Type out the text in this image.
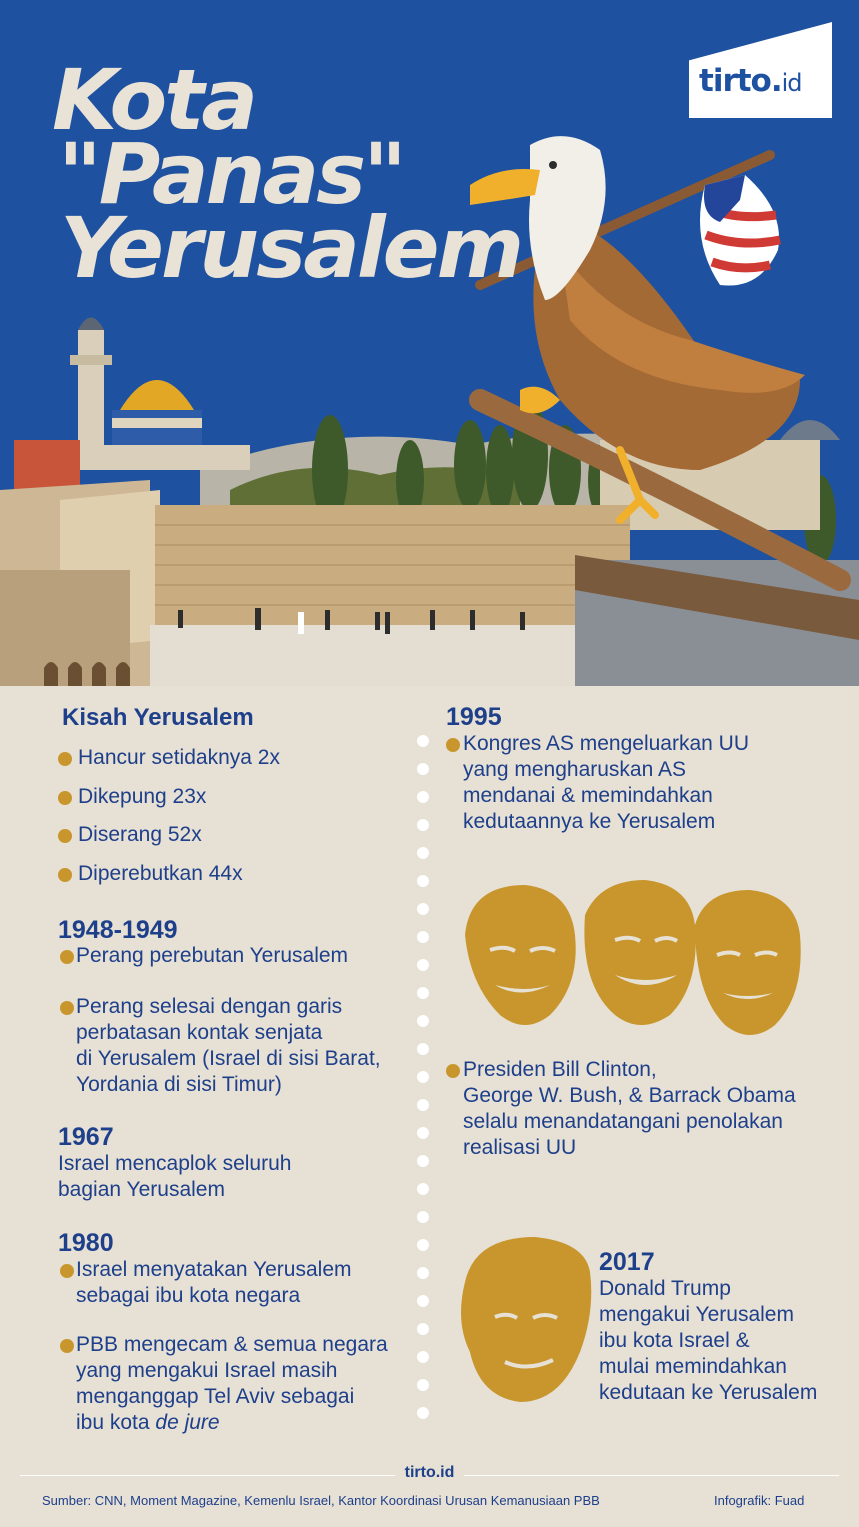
Kota
"Panas"
Yerusalem
tirto.id
Kisah Yerusalem
Hancur setidaknya 2x
Dikepung 23x
Diserang 52x
Diperebutkan 44x
1948-1949
Perang perebutan Yerusalem
Perang selesai dengan garis
perbatasan kontak senjata
di Yerusalem (Israel di sisi Barat,
Yordania di sisi Timur)
1967
Israel mencaplok seluruh
bagian Yerusalem
1980
Israel menyatakan Yerusalem
sebagai ibu kota negara
PBB mengecam & semua negara
yang mengakui Israel masih
menganggap Tel Aviv sebagai
ibu kota de jure
1995
Kongres AS mengeluarkan UU
yang mengharuskan AS
mendanai & memindahkan
kedutaannya ke Yerusalem
Presiden Bill Clinton,
George W. Bush, & Barrack Obama
selalu menandatangani penolakan
realisasi UU
2017
Donald Trump
mengakui Yerusalem
ibu kota Israel &
mulai memindahkan
kedutaan ke Yerusalem
tirto.id
Sumber: CNN, Moment Magazine, Kemenlu Israel, Kantor Koordinasi Urusan Kemanusiaan PBB	Infografik: Fuad
